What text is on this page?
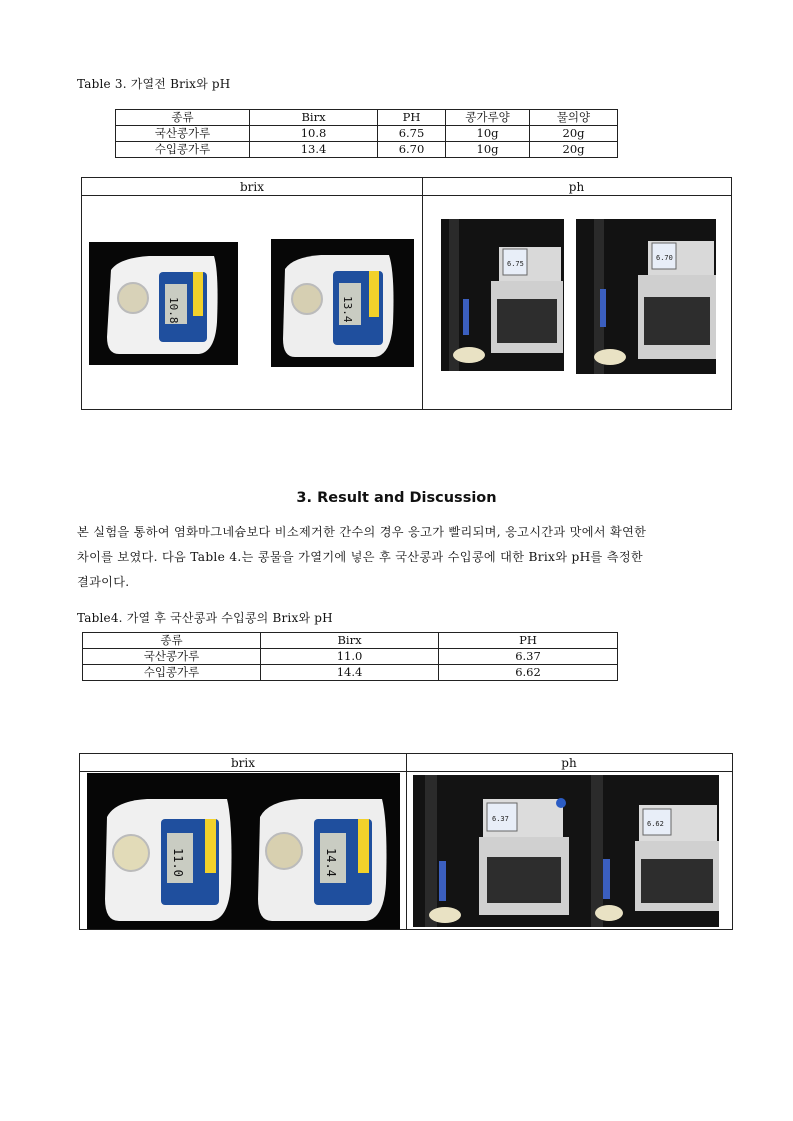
Table 3. 가열전 Brix와 pH
종류	Birx	PH	콩가루양	물의양
국산콩가루	10.8	6.75	10g	20g
수입콩가루	13.4	6.70	10g	20g
brix	ph
10.8	13.4
6.75
6.70
3. Result and Discussion
본 실험을 통하여 염화마그네슘보다 비소제거한 간수의 경우 응고가 빨리되며, 응고시간과 맛에서 확연한
차이를 보였다. 다음 Table 4.는 콩물을 가열기에 넣은 후 국산콩과 수입콩에 대한 Brix와 pH를 측정한
결과이다.
Table4. 가열 후 국산콩과 수입콩의 Brix와 pH
종류	Birx	PH
국산콩가루	11.0	6.37
수입콩가루	14.4	6.62
brix	ph
11.0	14.4
6.37
6.62
